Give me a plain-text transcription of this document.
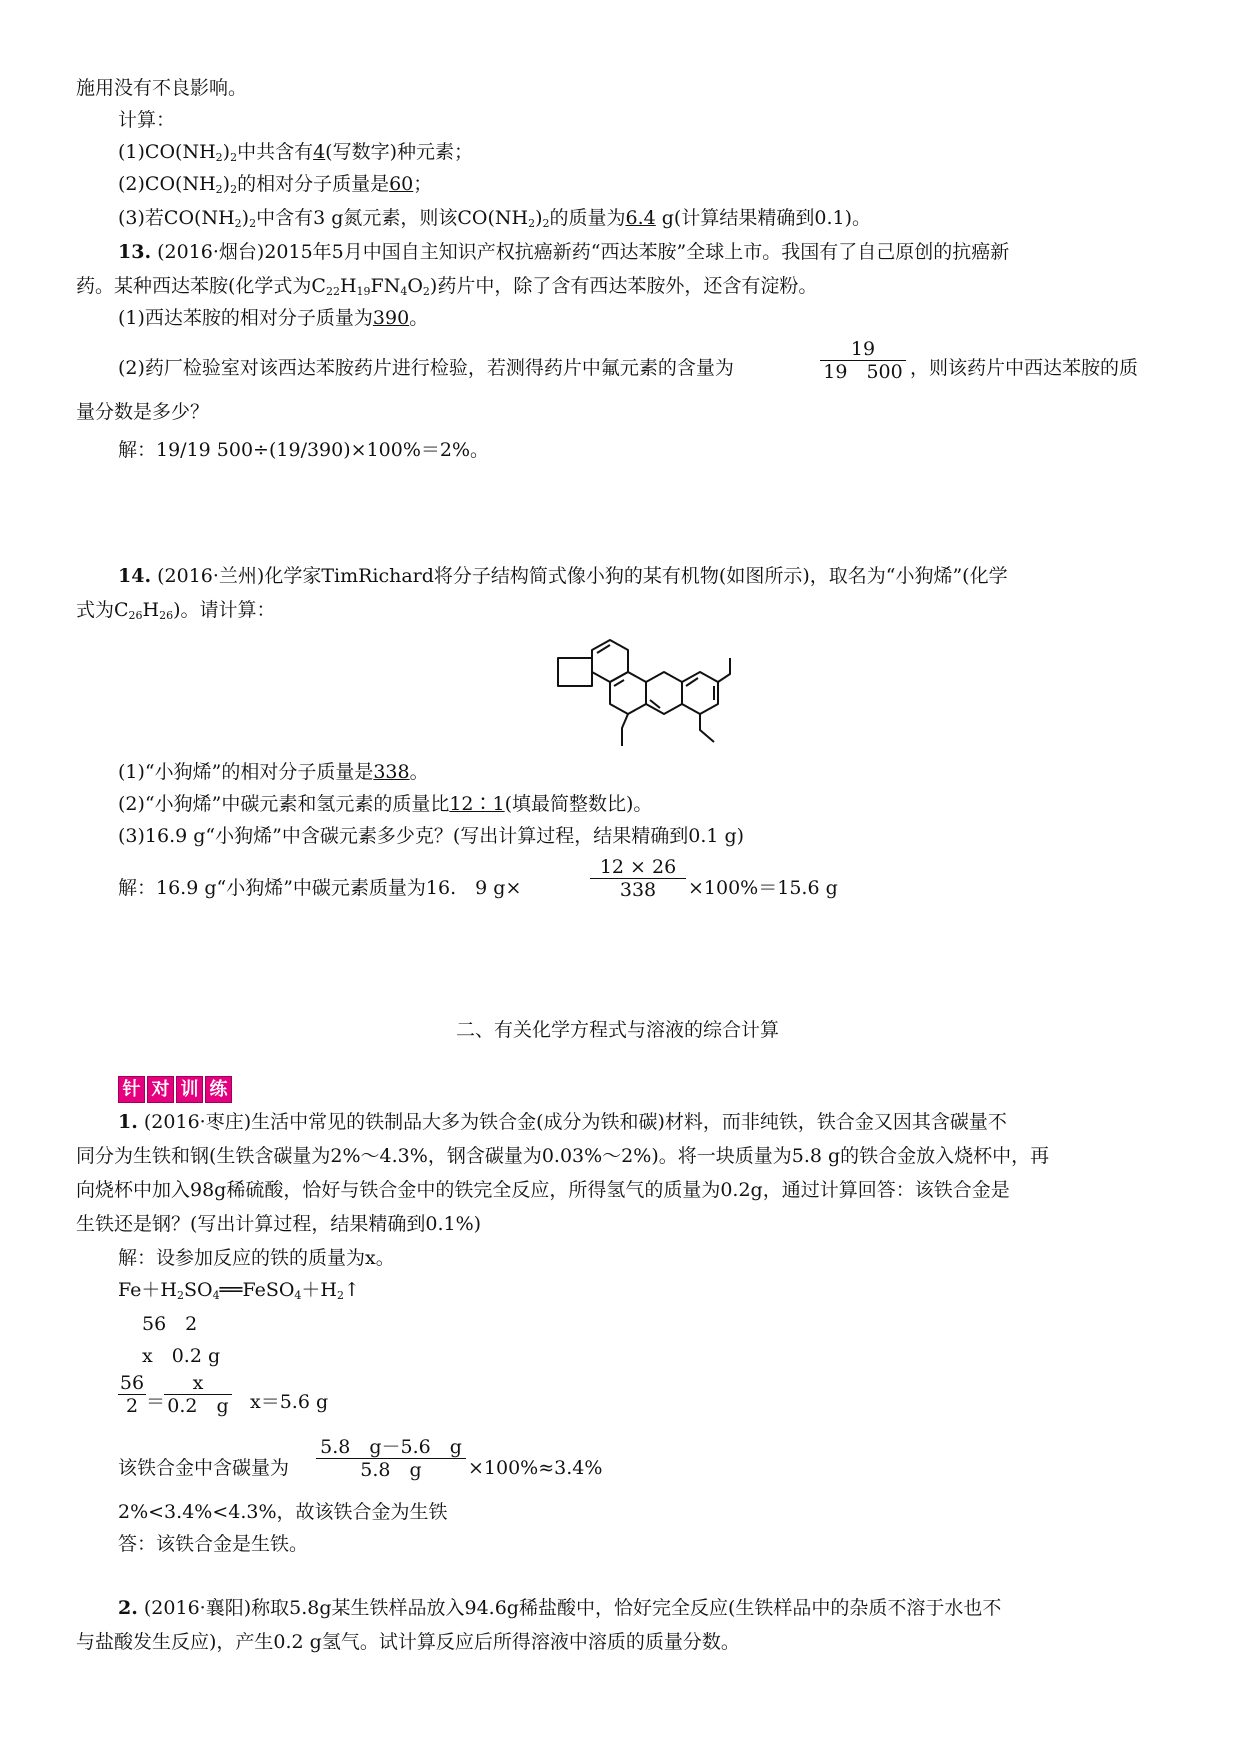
施用没有不良影响。
计算：
$(1)CO(NH_2)_2$中共含有4(写数字)种元素；
$(2)CO(NH_2)_2$的相对分子质量是60；
(3)若$CO(NH_2)_2$中含有3 g氮元素，则该$CO(NH_2)_2$的质量为6.4 g(计算结果精确到0.1)。
13. (2016·烟台)2015年5月中国自主知识产权抗癌新药“西达苯胺”全球上市。我国有了自己原创的抗癌新
药。某种西达苯胺(化学式为$C_{22}H_{19}FN_4O_2$)药片中，除了含有西达苯胺外，还含有淀粉。
(1)西达苯胺的相对分子质量为390。
(2)药厂检验室对该西达苯胺药片进行检验，若测得药片中氟元素的含量为
19
19　500 ，则该药片中西达苯胺的质
量分数是多少？
解：19/19 500÷(19/390)×100%＝2%。
14. (2016·兰州)化学家TimRichard将分子结构简式像小狗的某有机物(如图所示)，取名为“小狗烯”(化学
式为$C_{26}H_{26}$)。请计算：
(1)“小狗烯”的相对分子质量是338。
(2)“小狗烯”中碳元素和氢元素的质量比12∶1(填最简整数比)。
(3)16.9 g“小狗烯”中含碳元素多少克？(写出计算过程，结果精确到0.1 g)
解：16.9 g“小狗烯”中碳元素质量为16.　9 g×
12 × 26
338	×100%＝15.6 g
二、有关化学方程式与溶液的综合计算
针 对 训 练
1. (2016·枣庄)生活中常见的铁制品大多为铁合金(成分为铁和碳)材料，而非纯铁，铁合金又因其含碳量不
同分为生铁和钢(生铁含碳量为2%～4.3%，钢含碳量为0.03%～2%)。将一块质量为5.8 g的铁合金放入烧杯中，再
向烧杯中加入98g稀硫酸，恰好与铁合金中的铁完全反应，所得氢气的质量为0.2g，通过计算回答：该铁合金是
生铁还是钢？(写出计算过程，结果精确到0.1%)
解：设参加反应的铁的质量为x。
$Fe+H_2SO_4══FeSO_4+H_2↑$
56　2
x　0.2 g
56
2 ＝
x
0.2　g x＝5.6 g
该铁合金中含碳量为
5.8　g－5.6　g
5.8　g	×100%≈3.4%
2%<3.4%<4.3%，故该铁合金为生铁
答：该铁合金是生铁。
2. (2016·襄阳)称取5.8g某生铁样品放入94.6g稀盐酸中，恰好完全反应(生铁样品中的杂质不溶于水也不
与盐酸发生反应)，产生0.2 g氢气。试计算反应后所得溶液中溶质的质量分数。
